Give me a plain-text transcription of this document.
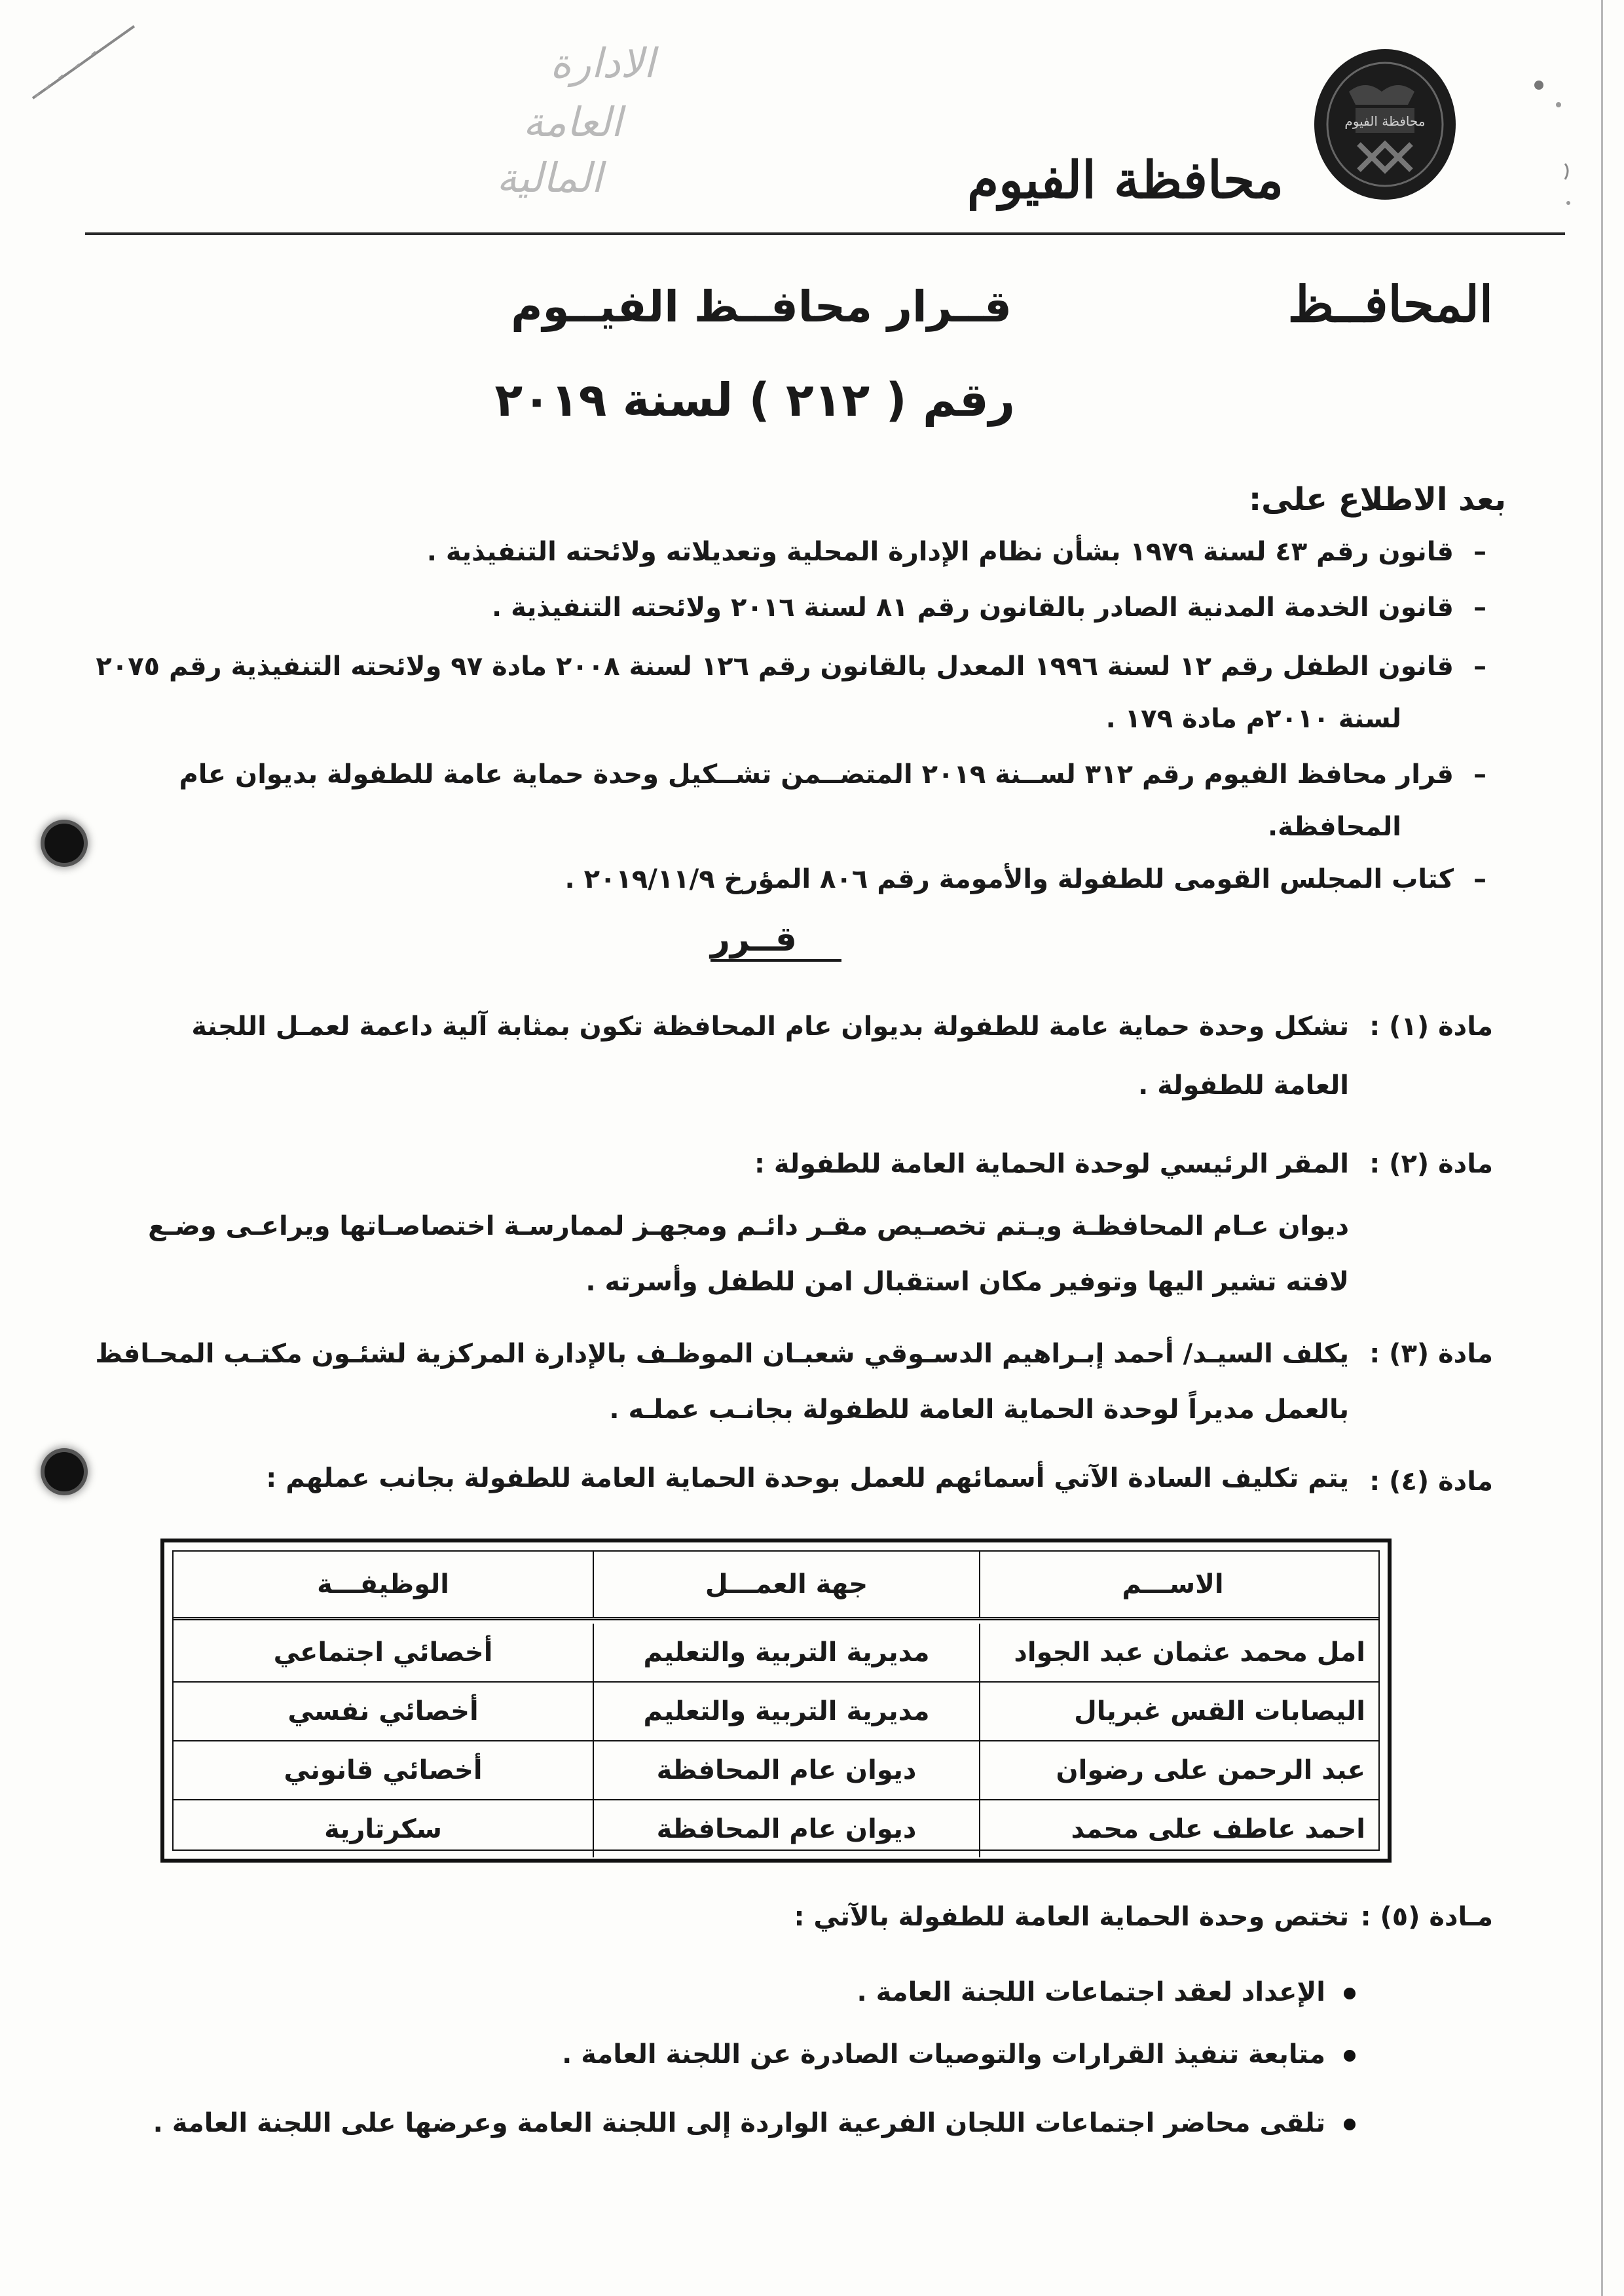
الادارة
العامة
المالية
محافظة الفيوم
محافظة الفيوم
المحافــظ
قــرار محافــظ الفيــوم
رقم ( ٢١٢ ) لسنة ٢٠١٩
بعد الاطلاع على:
–قانون رقم ٤٣ لسنة ١٩٧٩ بشأن نظام الإدارة المحلية وتعديلاته ولائحته التنفيذية .
–قانون الخدمة المدنية الصادر بالقانون رقم ٨١ لسنة ٢٠١٦ ولائحته التنفيذية .
–قانون الطفل رقم ١٢ لسنة ١٩٩٦ المعدل بالقانون رقم ١٢٦ لسنة ٢٠٠٨ مادة ٩٧ ولائحته التنفيذية رقم ٢٠٧٥
لسنة ٢٠١٠م مادة ١٧٩ .
–قرار محافظ الفيوم رقم ٣١٢ لســنة ٢٠١٩ المتضــمن تشــكيل وحدة حماية عامة للطفولة بديوان عام
المحافظة.
–كتاب المجلس القومى للطفولة والأمومة رقم ٨٠٦ المؤرخ ٢٠١٩/١١/٩ .
قــرر
مادة (١) :
تشكل وحدة حماية عامة للطفولة بديوان عام المحافظة تكون بمثابة آلية داعمة لعمـل اللجنة
العامة للطفولة .
مادة (٢) :
المقر الرئيسي لوحدة الحماية العامة للطفولة :
ديوان عـام المحافظـة ويـتم تخصـيص مقـر دائـم ومجهـز لممارسـة اختصاصـاتها ويراعـى وضـع
لافته تشير اليها وتوفير مكان استقبال امن للطفل وأسرته .
مادة (٣) :
يكلف السيـد/ أحمد إبـراهيم الدسـوقي شعبـان الموظـف بالإدارة المركزية لشئـون مكتـب المحـافظ
بالعمل مديراً لوحدة الحماية العامة للطفولة بجانـب عملـه .
مادة (٤) :
يتم تكليف السادة الآتي أسمائهم للعمل بوحدة الحماية العامة للطفولة بجانب عملهم :
الاســـم
جهة العمـــل
الوظيفـــة
امل محمد عثمان عبد الجواد
مديرية التربية والتعليم
أخصائي اجتماعي
اليصابات القس غبريال
مديرية التربية والتعليم
أخصائي نفسي
عبد الرحمن على رضوان
ديوان عام المحافظة
أخصائي قانوني
احمد عاطف على محمد
ديوان عام المحافظة
سكرتارية
مـادة (٥) :
تختص وحدة الحماية العامة للطفولة بالآتي :
الإعداد لعقد اجتماعات اللجنة العامة .
متابعة تنفيذ القرارات والتوصيات الصادرة عن اللجنة العامة .
تلقى محاضر اجتماعات اللجان الفرعية الواردة إلى اللجنة العامة وعرضها على اللجنة العامة .
